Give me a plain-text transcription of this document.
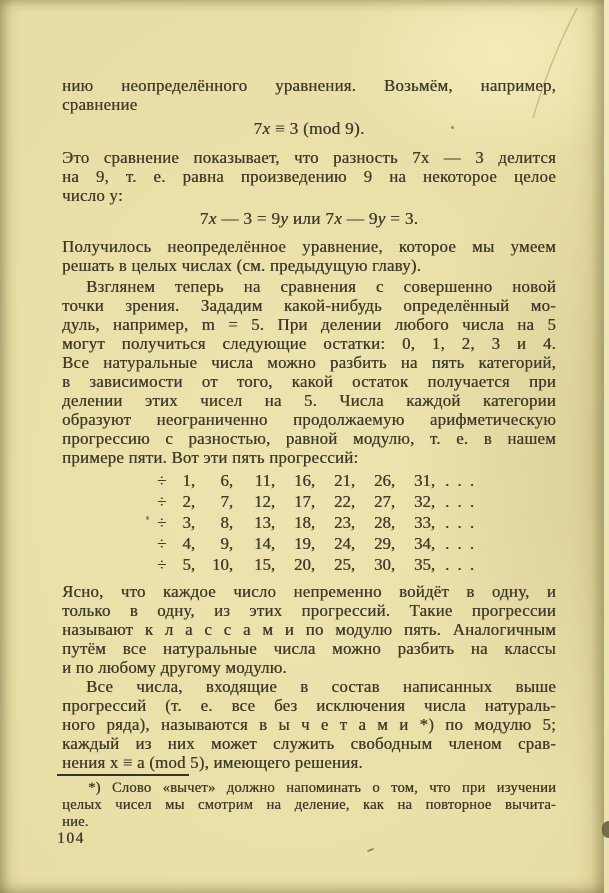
нию неопределённого уравнения. Возьмём, например,
сравнение
7x ≡ 3 (mod 9).
Это сравнение показывает, что разность 7x — 3 делится
на 9, т. е. равна произведению 9 на некоторое целое
число y:
7x — 3 = 9y или 7x — 9y = 3.
Получилось неопределённое уравнение, которое мы умеем
решать в целых числах (см. предыдущую главу).
Взглянем теперь на сравнения с совершенно новой
точки зрения. Зададим какой-нибудь определённый мо-
дуль, например, m = 5. При делении любого числа на 5
могут получиться следующие остатки: 0, 1, 2, 3 и 4.
Все натуральные числа можно разбить на пять категорий,
в зависимости от того, какой остаток получается при
делении этих чисел на 5. Числа каждой категории
образуют неограниченно продолжаемую арифметическую
прогрессию с разностью, равной модулю, т. е. в нашем
примере пяти. Вот эти пять прогрессий:
÷ 1,	6,	11,	16,	21,	26,	31, . . .
÷ 2,	7,	12,	17,	22,	27,	32, . . .
÷ 3,	8,	13,	18,	23,	28,	33, . . .
÷ 4,	9,	14,	19,	24,	29,	34, . . .
÷ 5,	10,	15,	20,	25,	30,	35, . . .
Ясно, что каждое число непременно войдёт в одну, и
только в одну, из этих прогрессий. Такие прогрессии
называют к л а с с а м и по модулю пять. Аналогичным
путём все натуральные числа можно разбить на классы
и по любому другому модулю.
Все числа, входящие в состав написанных выше
прогрессий (т. е. все без исключения числа натураль-
ного ряда), называются в ы ч е т а м и *) по модулю 5;
каждый из них может служить свободным членом срав-
нения x ≡ a (mod 5), имеющего решения.
*) Слово «вычет» должно напоминать о том, что при изучении
целых чисел мы смотрим на деление, как на повторное вычита-
ние.
104
